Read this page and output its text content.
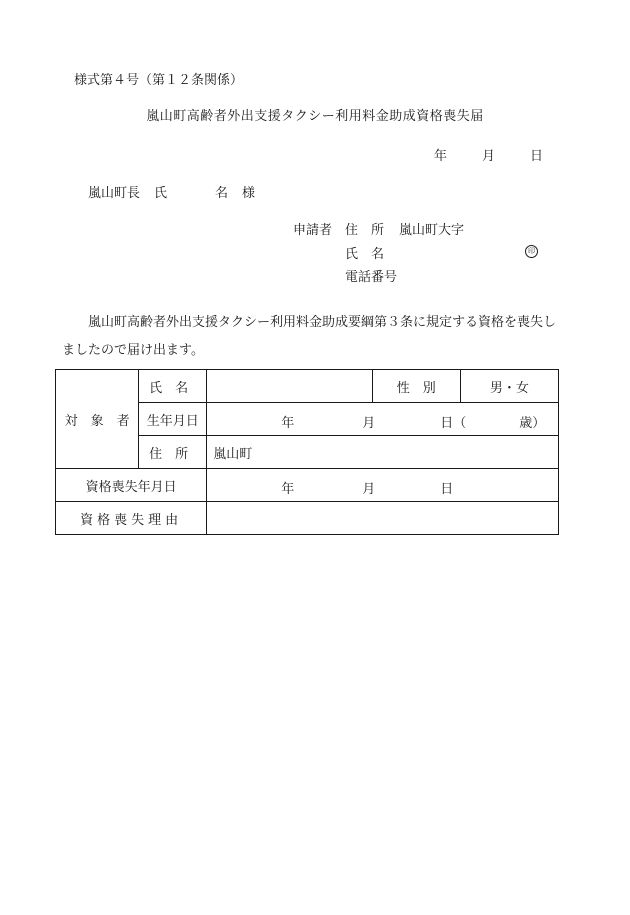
様式第４号（第１２条関係）
嵐山町高齢者外出支援タクシー利用料金助成資格喪失届
年	月	日
嵐山町長 氏	名 様
申請者 住　所 嵐山町大字
氏　名	印
電話番号
嵐山町高齢者外出支援タクシー利用料金助成要綱第３条に規定する資格を喪失しましたので届け出ます。
対　象　者	氏　名		性　別	男・女
	生年月日	年 月 日（ 歳）		

	住　所	嵐山町		
資格喪失年月日		年 月 日		

資格喪失理由				
